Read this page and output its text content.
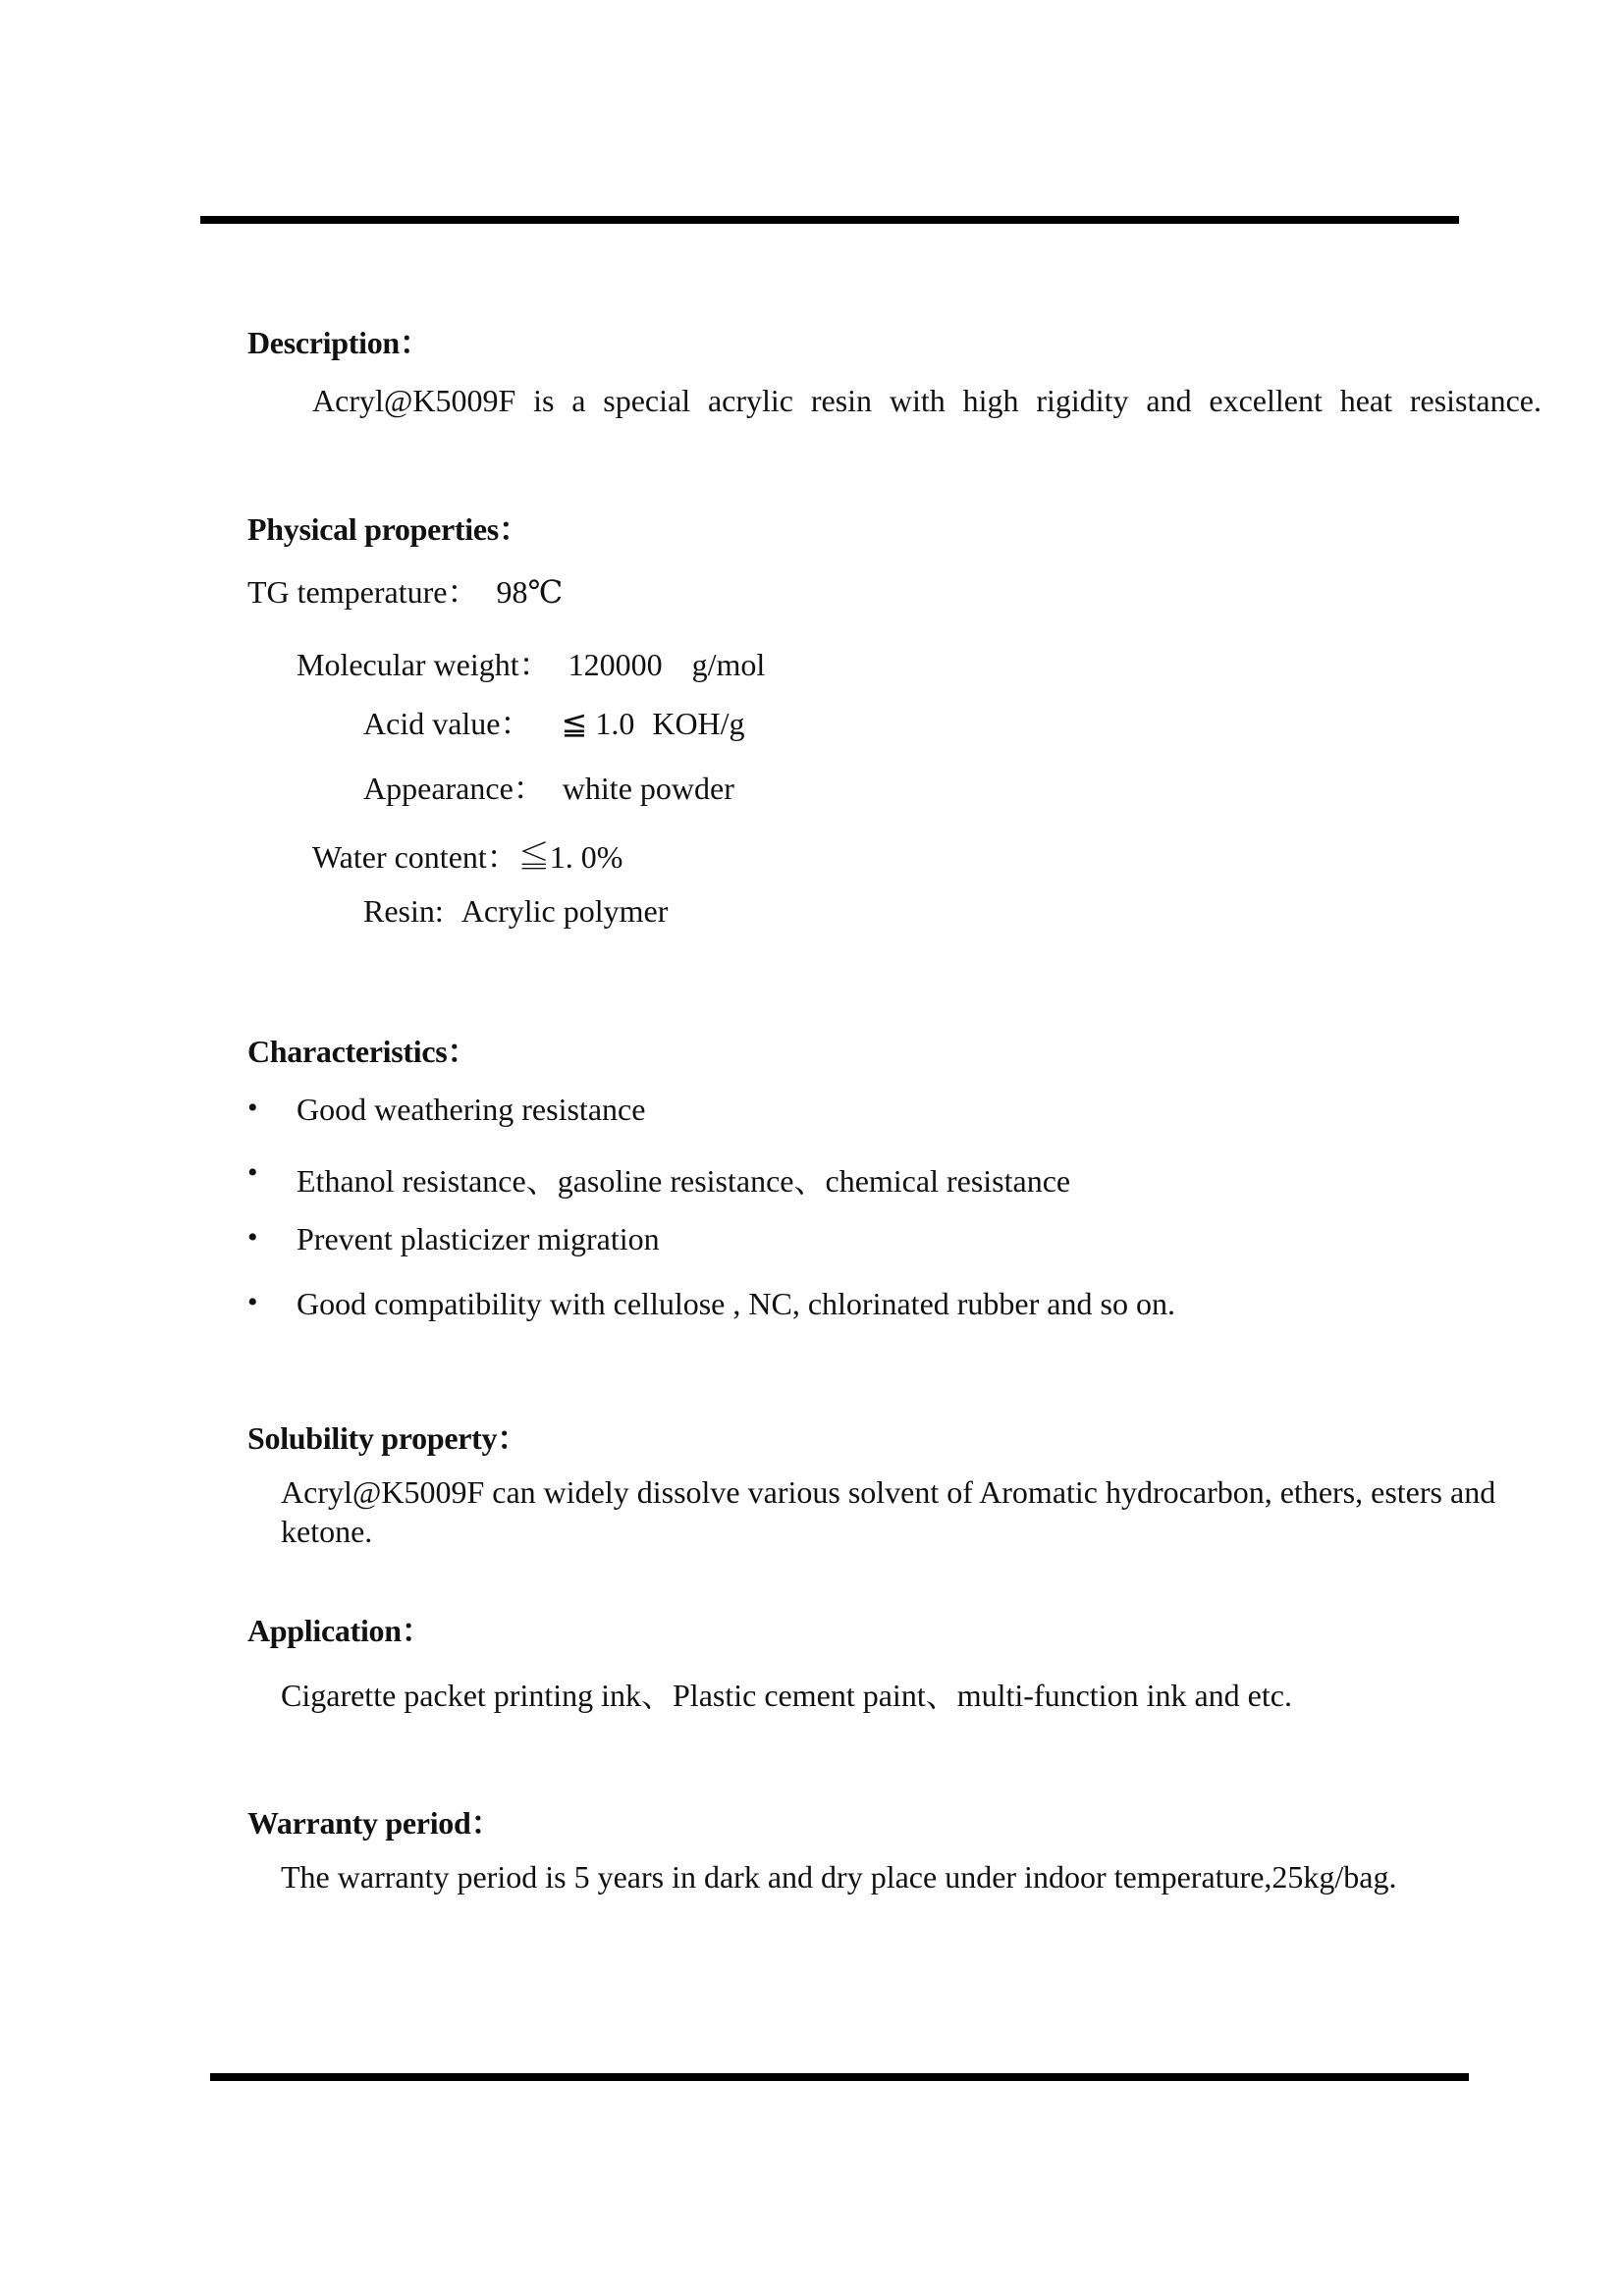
Description：
Acryl@K5009F is a special acrylic resin with high rigidity and excellent heat resistance.
Physical properties：
TG temperature： 98℃
Molecular weight： 120000 g/mol
Acid value： ≦ 1.0 KOH/g
Appearance： white powder
Water content：≦1. 0%
Resin: Acrylic polymer
Characteristics：
• Good weathering resistance
• Ethanol resistance、gasoline resistance、chemical resistance
• Prevent plasticizer migration
• Good compatibility with cellulose , NC, chlorinated rubber and so on.
Solubility property：
Acryl@K5009F can widely dissolve various solvent of Aromatic hydrocarbon, ethers, esters and ketone.
Application：
Cigarette packet printing ink、Plastic cement paint、multi-function ink and etc.
Warranty period：
The warranty period is 5 years in dark and dry place under indoor temperature,25kg/bag.
